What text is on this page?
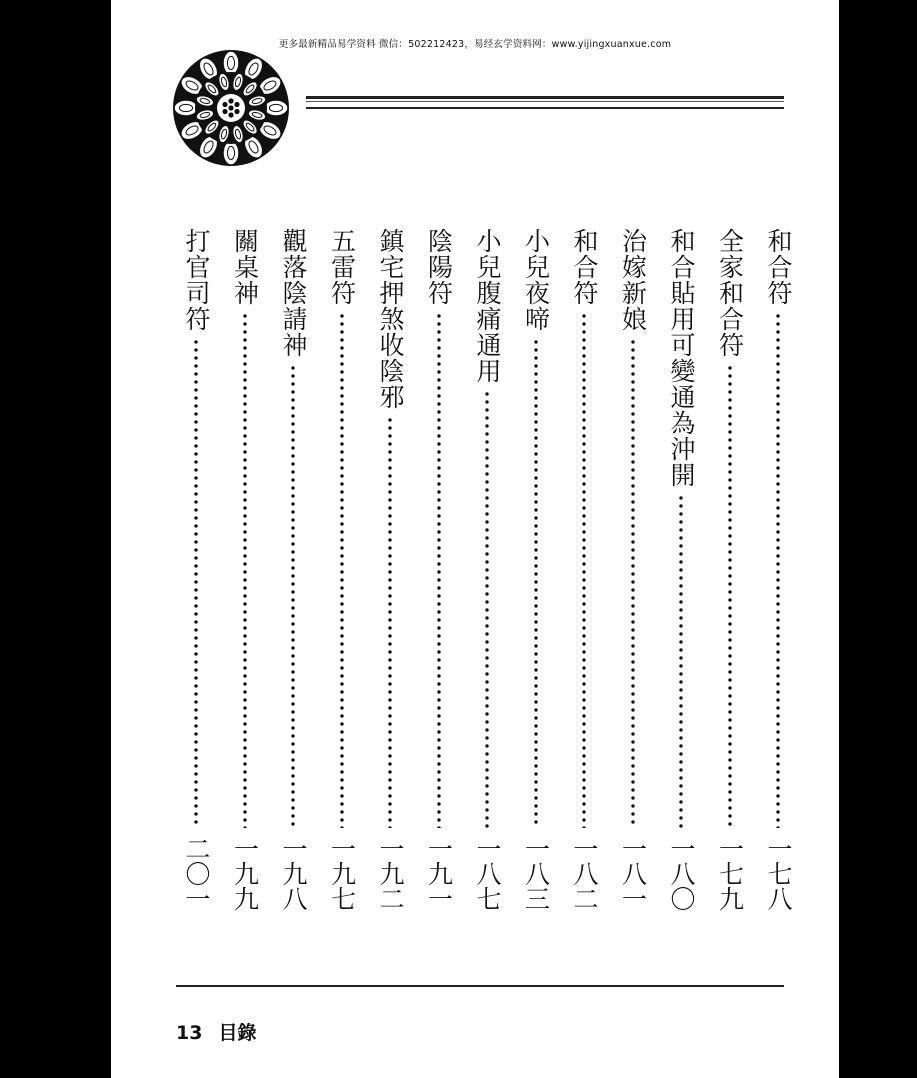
更多最新精品易学资料 微信：502212423，易经玄学资料网：www.yijingxuanxue.com
和合符
一七八
全家和合符
一七九
和合貼用可變通為沖開
一八〇
治嫁新娘
一八一
和合符
一八二
小兒夜啼
一八三
小兒腹痛通用
一八七
陰陽符
一九一
鎮宅押煞收陰邪
一九二
五雷符
一九七
觀落陰請神
一九八
關桌神
一九九
打官司符
二〇一
13 目錄
